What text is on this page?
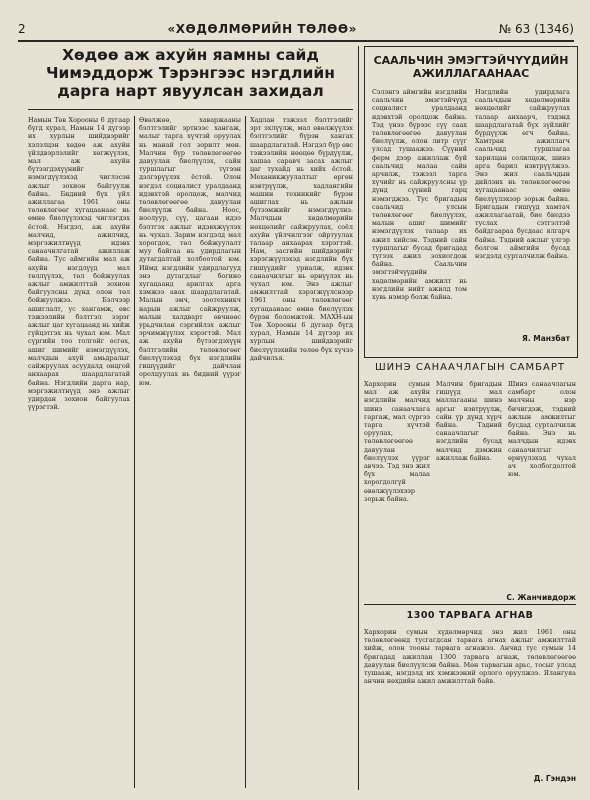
2	«ХӨДӨЛМӨРИЙН ТӨЛӨӨ»	№ 63 (1346)
Хөдөө аж ахуйн яамны сайд Чимэддорж Тэрэнгээс нэгдлийн дарга нарт явуулсан захидал
Намын Төв Хорооны 6 дугаар бүгд хурал, Намын 14 дүгээр их хурлын шийдвэрийг хэлэлцэн хөдөө аж ахуйн үйлдвэрлэлийг хөгжүүлэх, мал аж ахуйн бүтээгдэхүүнийг нэмэгдүүлэхэд чиглэсэн ажлыг зохион байгуулж байна. Бидний бүх үйл ажиллагаа 1961 оны төлөвлөгөөг хугацаанаас нь өмнө биелүүлэхэд чиглэгдэх ёстой. Нэгдэл, аж ахуйн малчид, ажилчид, мэргэжилтнүүд идэвх санаачилгатай ажиллаж байна. Тус аймгийн мал аж ахуйн нэгдлүүд мал төллүүлэх, төл бойжуулах ажлыг амжилттай зохион байгуулсны дүнд олон төл бойжуулжээ. Бэлчээр ашиглалт, ус хангамж, өвс тэжээлийн бэлтгэл зэрэг ажлыг цаг хугацаанд нь хийж гүйцэтгэх нь чухал юм. Мал сүргийн тоо толгойг өсгөх, ашиг шимийг нэмэгдүүлэх, малчдын ахуй амьдралыг сайжруулах асуудалд онцгой анхаарах шаардлагатай байна. Нэгдлийн дарга нар, мэргэжилтнүүд энэ ажлыг удирдан зохион байгуулах үүрэгтэй.
Өвөлжөө, хаваржааны бэлтгэлийг эртнээс хангаж, малыг тарга хүчтэй оруулах нь манай гол зорилт мөн. Малчин бүр төлөвлөгөөгөө давуулан биелүүлэх, сайн туршлагыг түгээн дэлгэрүүлэх ёстой. Олон нэгдэл социалист уралдаанд идэвхтэй оролцож, малчид төлөвлөгөөгөө давуулан биелүүлж байна. Ноос, ноолуур, сүү, цагаан идээ бэлтгэх ажлыг идэвхжүүлэх нь чухал. Зарим нэгдэлд мал хорогдох, төл бойжуулалт муу байгаа нь удирдлагын дутагдалтай холбоотой юм. Иймд нэгдлийн удирдлагууд энэ дутагдлыг богино хугацаанд арилгах арга хэмжээ авах шаардлагатай. Малын эмч, зоотехникч нарын ажлыг сайжруулж, малын халдварт өвчнөөс урьдчилан сэргийлэх ажлыг эрчимжүүлэх хэрэгтэй. Мал аж ахуйн бүтээгдэхүүн бэлтгэлийн төлөвлөгөөг биелүүлэхэд бүх нэгдлийн гишүүдийг дайчлан оролцуулах нь бидний үүрэг юм.
Хадлан тэжээл бэлтгэлийг эрт эхлүүлж, мал өвөлжүүлэх бэлтгэлийг бүрэн хангах шаардлагатай. Нэгдэл бүр өвс тэжээлийн нөөцөө бүрдүүлж, хашаа саравч засах ажлыг цаг тухайд нь хийх ёстой. Механикжуулалтыг өргөн нэвтрүүлж, хадлангийн машин техникийг бүрэн ашиглах нь ажлын бүтээмжийг нэмэгдүүлнэ. Малчдын хөдөлмөрийн нөхцөлийг сайжруулах, соёл ахуйн үйлчилгээг ойртуулах талаар анхаарах хэрэгтэй. Нам, засгийн шийдвэрийг хэрэгжүүлэхэд нэгдлийн бүх гишүүдийг уриалж, идэвх санаачилгыг нь өрнүүлэх нь чухал юм. Энэ ажлыг амжилттай хэрэгжүүлснээр 1961 оны төлөвлөгөөг хугацаанаас өмнө биелүүлэх бүрэн боломжтой. МАХН-ын Төв Хорооны 6 дугаар бүгд хурал, Намын 14 дүгээр их хурлын шийдвэрийг биелүүлэхийн төлөө бүх хүчээ дайчилъя.
СААЛЬЧИН ЭМЭГТЭЙЧҮҮДИЙН АЖИЛЛАГААНААС
Сэлэнгэ аймгийн нэгдлийн саальчин эмэгтэйчүүд социалист уралдаанд идэвхтэй оролцож байна. Тэд үнээ бүрээс сүү саах төлөвлөгөөгөө давуулан биелүүлж, олон литр сүүг улсад тушаажээ. Сүүний ферм дээр ажиллаж буй саальчид малаа сайн арчилж, тэжээл тарга хүчийг нь сайжруулсны үр дүнд сүүний гарц нэмэгджээ. Тус бригадын саальчид улсын төлөвлөгөөг биелүүлэх, малын ашиг шимийг нэмэгдүүлэх талаар их ажил хийсэн. Тэдний сайн туршлагыг бусад бригадад түгээх ажил зохиогдож байна. Саальчин эмэгтэйчүүдийн хөдөлмөрийн амжилт нь нэгдлийн нийт ажилд том хувь нэмэр болж байна.
Нэгдлийн удирдлага саальчдын хөдөлмөрийн нөхцөлийг сайжруулах талаар анхаарч, тэдэнд шаардлагатай бүх зүйлийг бүрдүүлж өгч байна. Хамтран ажиллагч саальчид туршлагаа харилцан солилцож, шинэ арга барил нэвтрүүлжээ. Энэ жил саальчдын дийлэнх нь төлөвлөгөөгөө хугацаанаас өмнө биелүүлэхээр зорьж байна. Бригадын гишүүд хамтач ажиллагаатай, бие биедээ туслах сэтгэлтэй байдгаараа бусдаас ялгарч байна. Тэдний ажлыг үлгэр болгон аймгийн бусад нэгдэлд сурталчилж байна.
Я. Манзбат
ШИНЭ САНААЧЛАГЫН САМБАРТ
Хархорин сумын мал аж ахуйн нэгдлийн малчид шинэ санаачлага гаргаж, мал сүргээ тарга хүчтэй оруулах, төлөвлөгөөгөө давуулан биелүүлэх үүрэг авчээ. Тэд энэ жил бүх малаа хорогдолгүй өвөлжүүлэхээр зорьж байна.
Малчин бригадын гишүүд мал маллагааны шинэ аргыг нэвтрүүлж, сайн үр дүнд хүрч байна. Тэдний санаачлагыг нэгдлийн бусад малчид дэмжин ажиллаж байна.
Шинэ санаачлагын самбарт олон малчны нэр бичигдэж, тэдний ажлын амжилтыг бусдад сурталчилж байна. Энэ нь малчдын идэвх санаачилгыг өрнүүлэхэд чухал ач холбогдолтой юм.
С. Жанчивдорж
1300 ТАРВАГА АГНАВ
Хархорин сумын хүдөлмөрчид энэ жил 1961 оны төлөвлөгөөнд тусгагдсан тарвага агнах ажлыг амжилттай хийж, олон тооны тарвага агнажээ. Анчид тус сумын 14 бригадад ажиллан 1300 тарвага агнаж, төлөвлөгөөгөө давуулан биелүүлсэн байна. Мөн тарвагын арьс, тосыг улсад тушааж, нэгдэлд их хэмжээний орлого оруулжээ. Ялангуяа анчин нөхдийн ажил амжилттай байв.
Д. Гэндэн
